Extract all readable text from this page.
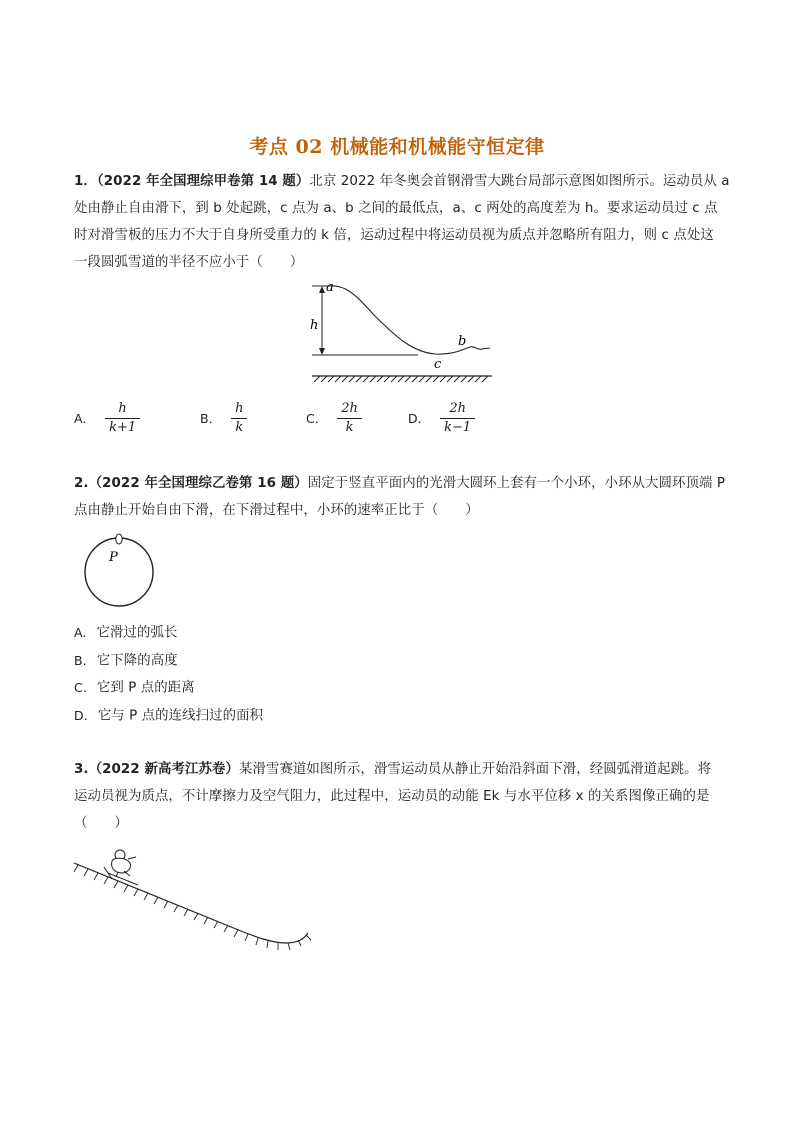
考点 02 机械能和机械能守恒定律
1．（2022 年全国理综甲卷第 14 题）北京 2022 年冬奥会首钢滑雪大跳台局部示意图如图所示。运动员从 a
处由静止自由滑下，到 b 处起跳，c 点为 a、b 之间的最低点，a、c 两处的高度差为 h。要求运动员过 c 点
时对滑雪板的压力不大于自身所受重力的 k 倍，运动过程中将运动员视为质点并忽略所有阻力，则 c 点处这
一段圆弧雪道的半径不应小于（　　）
a
h
b
c
A． $\frac{h}{k+1}$	B． $\frac{h}{k}$	C． $\frac{2h}{k}$	D． $\frac{2h}{k-1}$
2.（2022 年全国理综乙卷第 16 题）固定于竖直平面内的光滑大圆环上套有一个小环，小环从大圆环顶端 P
点由静止开始自由下滑，在下滑过程中，小环的速率正比于（　　）
P
A. 它滑过的弧长
B. 它下降的高度
C. 它到 P 点的距离
D. 它与 P 点的连线扫过的面积
3.（2022 新高考江苏卷）某滑雪赛道如图所示，滑雪运动员从静止开始沿斜面下滑，经圆弧滑道起跳。将
运动员视为质点，不计摩擦力及空气阻力，此过程中，运动员的动能 Ek 与水平位移 x 的关系图像正确的是
（　　）
